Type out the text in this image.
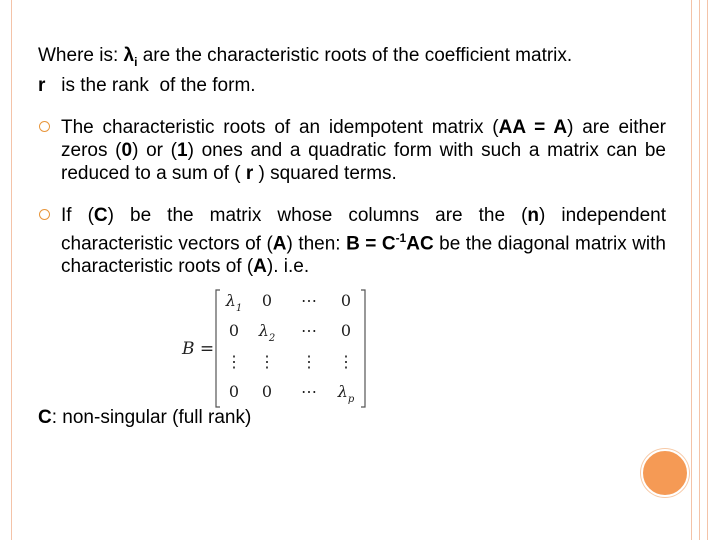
Where is: $\lambda_i$ are the characteristic roots of the coefficient matrix.

r   is the rank  of the form.

The characteristic roots of an idempotent matrix (AA = A) are either zeros (0) or (1) ones and a quadratic form with such a matrix can be reduced to a sum of ( r ) squared terms.

If (C) be the matrix whose columns are the (n) independent characteristic vectors of (A) then: $B = C^{-1}AC$ be the diagonal matrix with characteristic roots of (A). i.e.

B =
$\lambda_1$ 0 ⋯ 0
0 $\lambda_2$ ⋯ 0
⋮ ⋮ ⋮ ⋮
0 0 ⋯ $\lambda_p$
C: non-singular (full rank)
